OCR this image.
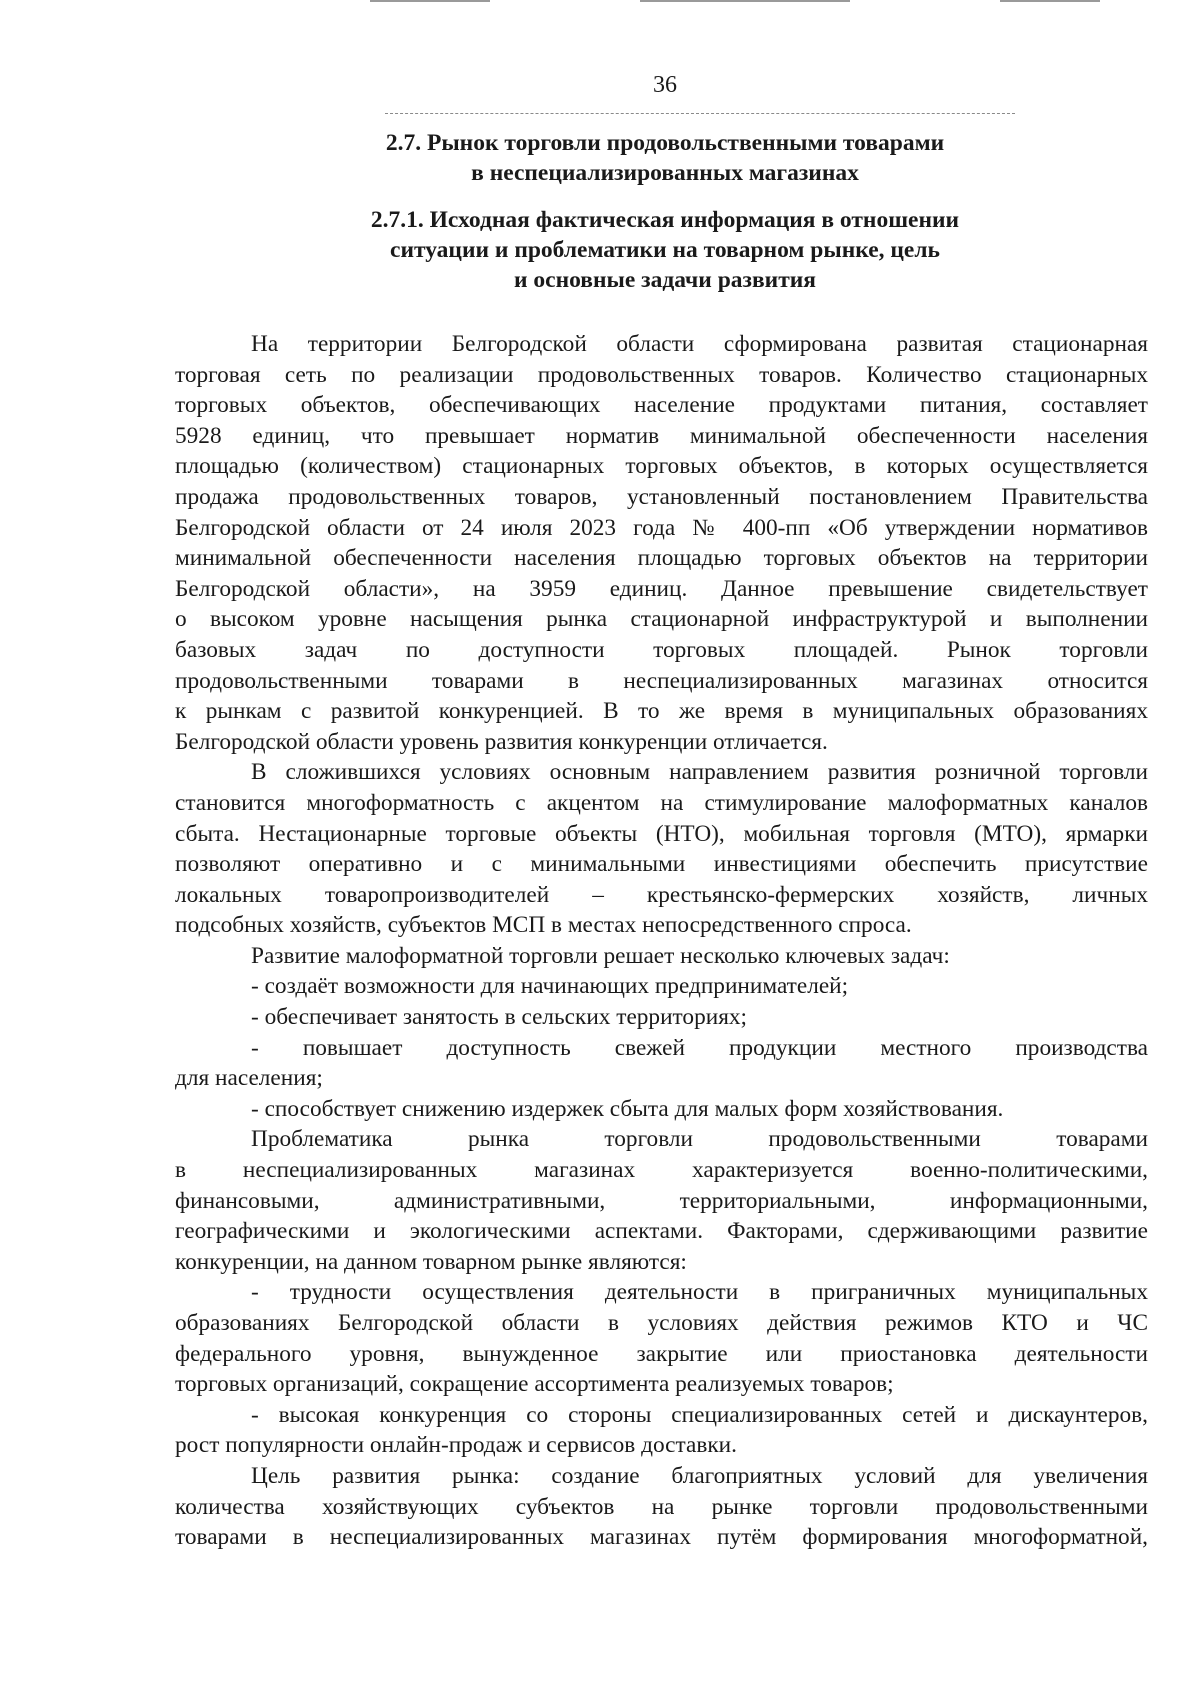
36
2.7. Рынок торговли продовольственными товарами
в неспециализированных магазинах
2.7.1. Исходная фактическая информация в отношении
ситуации и проблематики на товарном рынке, цель
и основные задачи развития
На территории Белгородской области сформирована развитая стационарная
торговая сеть по реализации продовольственных товаров. Количество стационарных
торговых объектов, обеспечивающих население продуктами питания, составляет
5928 единиц, что превышает норматив минимальной обеспеченности населения
площадью (количеством) стационарных торговых объектов, в которых осуществляется
продажа продовольственных товаров, установленный постановлением Правительства
Белгородской области от 24 июля 2023 года № 400-пп «Об утверждении нормативов
минимальной обеспеченности населения площадью торговых объектов на территории
Белгородской области», на 3959 единиц. Данное превышение свидетельствует
о высоком уровне насыщения рынка стационарной инфраструктурой и выполнении
базовых задач по доступности торговых площадей. Рынок торговли
продовольственными товарами в неспециализированных магазинах относится
к рынкам с развитой конкуренцией. В то же время в муниципальных образованиях
Белгородской области уровень развития конкуренции отличается.
В сложившихся условиях основным направлением развития розничной торговли
становится многоформатность с акцентом на стимулирование малоформатных каналов
сбыта. Нестационарные торговые объекты (НТО), мобильная торговля (МТО), ярмарки
позволяют оперативно и с минимальными инвестициями обеспечить присутствие
локальных товаропроизводителей – крестьянско-фермерских хозяйств, личных
подсобных хозяйств, субъектов МСП в местах непосредственного спроса.
Развитие малоформатной торговли решает несколько ключевых задач:
- создаёт возможности для начинающих предпринимателей;
- обеспечивает занятость в сельских территориях;
- повышает доступность свежей продукции местного производства
для населения;
- способствует снижению издержек сбыта для малых форм хозяйствования.
Проблематика рынка торговли продовольственными товарами
в неспециализированных магазинах характеризуется военно-политическими,
финансовыми, административными, территориальными, информационными,
географическими и экологическими аспектами. Факторами, сдерживающими развитие
конкуренции, на данном товарном рынке являются:
- трудности осуществления деятельности в приграничных муниципальных
образованиях Белгородской области в условиях действия режимов КТО и ЧС
федерального уровня, вынужденное закрытие или приостановка деятельности
торговых организаций, сокращение ассортимента реализуемых товаров;
- высокая конкуренция со стороны специализированных сетей и дискаунтеров,
рост популярности онлайн-продаж и сервисов доставки.
Цель развития рынка: создание благоприятных условий для увеличения
количества хозяйствующих субъектов на рынке торговли продовольственными
товарами в неспециализированных магазинах путём формирования многоформатной,
